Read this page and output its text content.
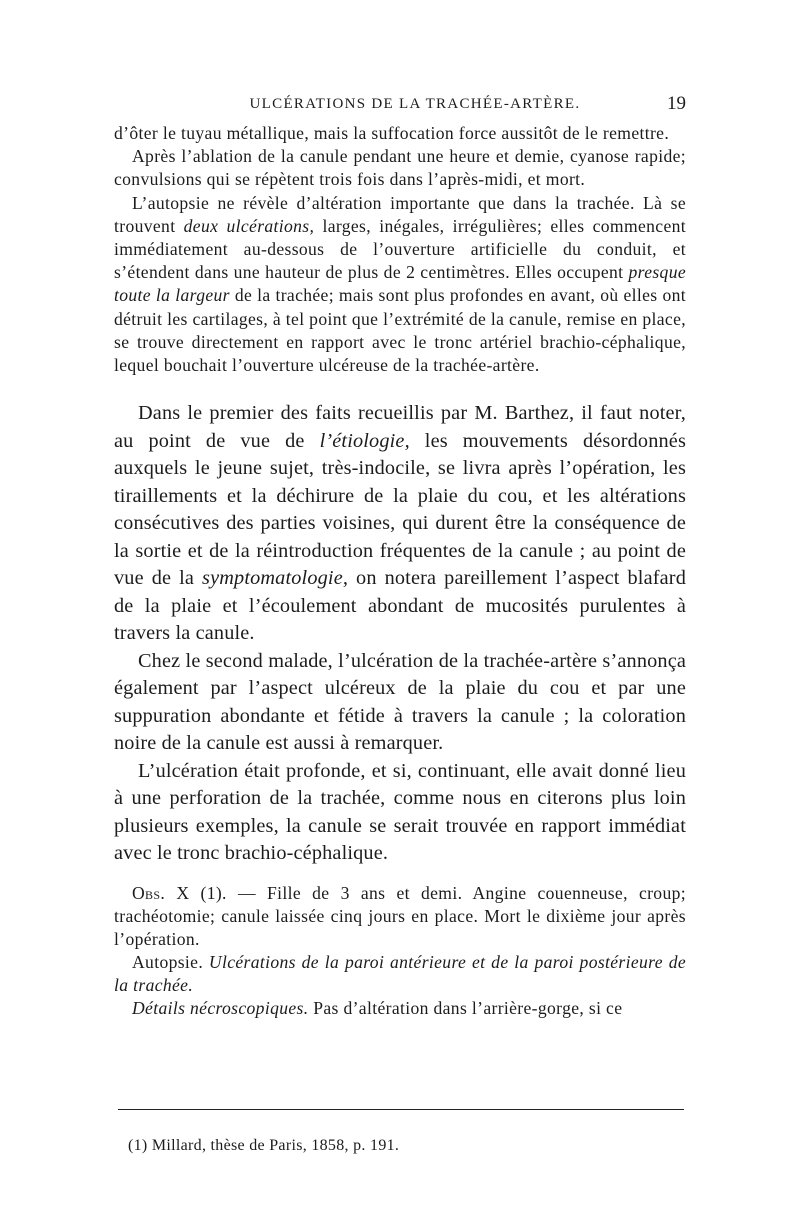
ULCÉRATIONS DE LA TRACHÉE-ARTÈRE.	19

d’ôter le tuyau métallique, mais la suffocation force aussitôt de le remettre.

Après l’ablation de la canule pendant une heure et demie, cyanose rapide; convulsions qui se répètent trois fois dans l’après-midi, et mort.

L’autopsie ne révèle d’altération importante que dans la trachée. Là se trouvent deux ulcérations, larges, inégales, irrégulières; elles commencent immédiatement au-dessous de l’ouverture artificielle du conduit, et s’étendent dans une hauteur de plus de 2 centimètres. Elles occupent presque toute la largeur de la trachée; mais sont plus profondes en avant, où elles ont détruit les cartilages, à tel point que l’extrémité de la canule, remise en place, se trouve directement en rapport avec le tronc artériel brachio-céphalique, lequel bouchait l’ouverture ulcéreuse de la trachée-artère.

Dans le premier des faits recueillis par M. Barthez, il faut noter, au point de vue de l’étiologie, les mouvements désordonnés auxquels le jeune sujet, très-indocile, se livra après l’opération, les tiraillements et la déchirure de la plaie du cou, et les altérations consécutives des parties voisines, qui durent être la conséquence de la sortie et de la réintroduction fréquentes de la canule ; au point de vue de la symptomatologie, on notera pareillement l’aspect blafard de la plaie et l’écoulement abondant de mucosités purulentes à travers la canule.

Chez le second malade, l’ulcération de la trachée-artère s’annonça également par l’aspect ulcéreux de la plaie du cou et par une suppuration abondante et fétide à travers la canule ; la coloration noire de la canule est aussi à remarquer.

L’ulcération était profonde, et si, continuant, elle avait donné lieu à une perforation de la trachée, comme nous en citerons plus loin plusieurs exemples, la canule se serait trouvée en rapport immédiat avec le tronc brachio-céphalique.

Obs. X (1). — Fille de 3 ans et demi. Angine couenneuse, croup; trachéotomie; canule laissée cinq jours en place. Mort le dixième jour après l’opération.

Autopsie. Ulcérations de la paroi antérieure et de la paroi postérieure de la trachée.

Détails nécroscopiques. Pas d’altération dans l’arrière-gorge, si ce

(1) Millard, thèse de Paris, 1858, p. 191.
